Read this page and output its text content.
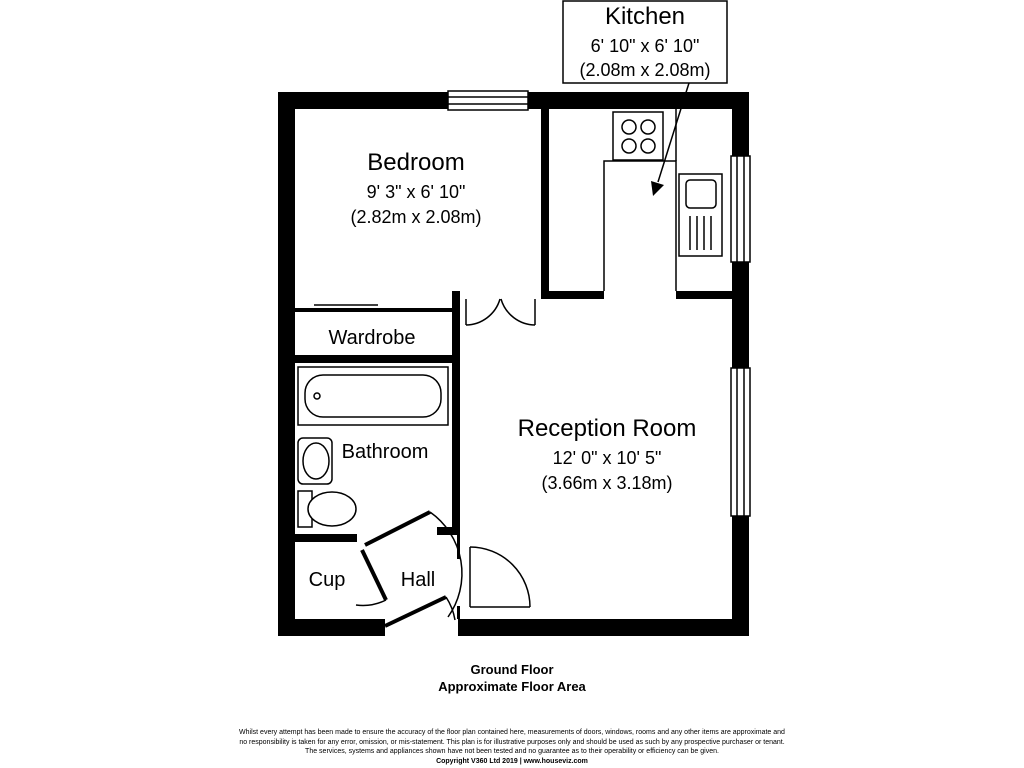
Kitchen
6' 10" x 6' 10"
(2.08m x 2.08m)
Bedroom
9' 3" x 6' 10"
(2.82m x 2.08m)
Wardrobe
Bathroom
Reception Room
12' 0" x 10' 5"
(3.66m x 3.18m)
Cup	Hall
Ground Floor
Approximate Floor Area
Whilst every attempt has been made to ensure the accuracy of the floor plan contained here, measurements of doors, windows, rooms and any other items are approximate and
no responsibility is taken for any error, omission, or mis-statement. This plan is for illustrative purposes only and should be used as such by any prospective purchaser or tenant.
The services, systems and appliances shown have not been tested and no guarantee as to their operability or efficiency can be given.
Copyright V360 Ltd 2019 | www.houseviz.com
